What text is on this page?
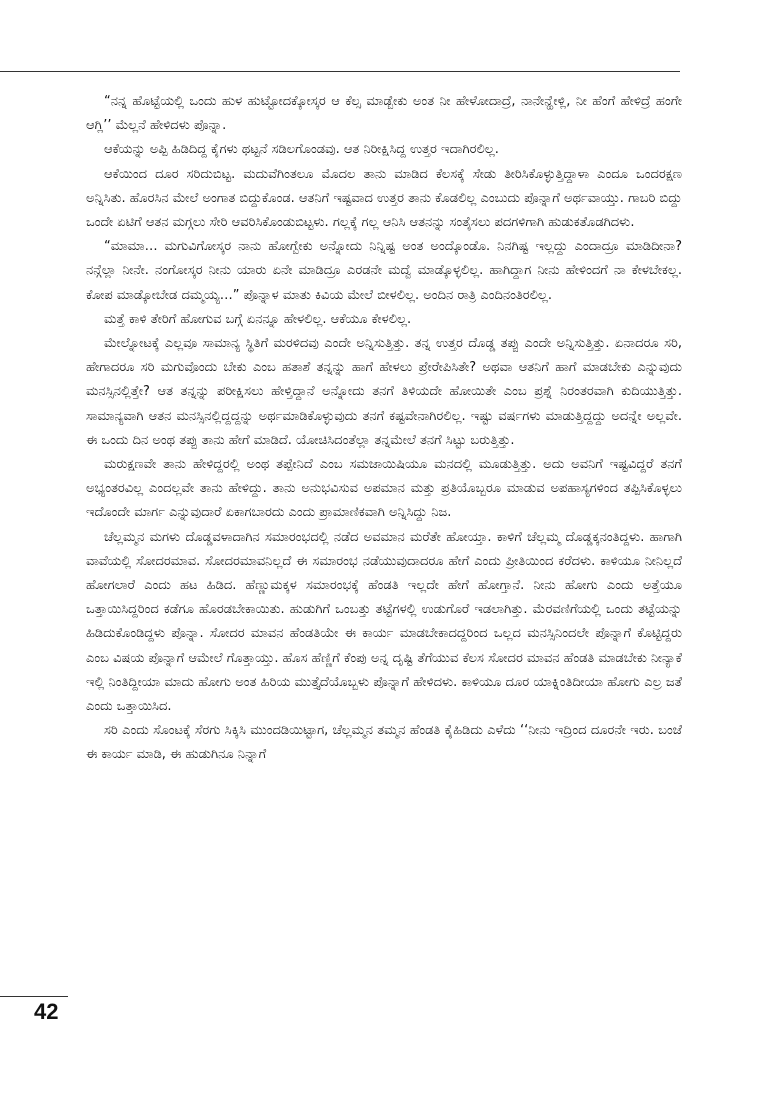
“ನನ್ನ ಹೊಟ್ಟೆಯಲ್ಲಿ ಒಂದು ಹುಳ ಹುಟ್ಟೋದಕ್ಕೋಸ್ಕರ ಆ ಕೆಲ್ಸ ಮಾಡ್ಬೇಕು ಅಂತ ನೀ ಹೇಳೋದಾದ್ರೆ, ನಾನೇನ್ಹೇಳ್ಲಿ, ನೀ ಹೆಂಗೆ ಹೇಳಿದ್ರೆ ಹಂಗೇ ಆಗ್ಲಿ’’ ಮೆಲ್ಲನೆ ಹೇಳಿದಳು ಪೊನ್ನಾ.

ಆಕೆಯನ್ನು ಅಪ್ಪಿ ಹಿಡಿದಿದ್ದ ಕೈಗಳು ಥಟ್ಟನೆ ಸಡಿಲಗೊಂಡವು. ಆತ ನಿರೀಕ್ಷಿಸಿದ್ದ ಉತ್ತರ ಇದಾಗಿರಲಿಲ್ಲ.

ಆಕೆಯಿಂದ ದೂರ ಸರಿದುಬಿಟ್ಟ. ಮದುವೆಗಿಂತಲೂ ಮೊದಲ ತಾನು ಮಾಡಿದ ಕೆಲಸಕ್ಕೆ ಸೇಡು ತೀರಿಸಿಕೊಳ್ಳುತ್ತಿದ್ದಾಳಾ ಎಂದೂ ಒಂದರಕ್ಷಣ ಅನ್ನಿಸಿತು. ಹೊರಸಿನ ಮೇಲೆ ಅಂಗಾತ ಬಿದ್ದುಕೊಂಡ. ಆತನಿಗೆ ಇಷ್ಟವಾದ ಉತ್ತರ ತಾನು ಕೊಡಲಿಲ್ಲ ಎಂಬುದು ಪೊನ್ನಾಗೆ ಅರ್ಥವಾಯ್ತು. ಗಾಬರಿ ಬಿದ್ದು ಒಂದೇ ಏಟಿಗೆ ಆತನ ಮಗ್ಗಲು ಸೇರಿ ಆವರಿಸಿಕೊಂಡುಬಿಟ್ಟಳು. ಗಲ್ಲಕ್ಕೆ ಗಲ್ಲ ಆನಿಸಿ ಆತನನ್ನು ಸಂತೈಸಲು ಪದಗಳಿಗಾಗಿ ಹುಡುಕತೊಡಗಿದಳು.

“ಮಾಮಾ… ಮಗುವಿಗೋಸ್ಕರ ನಾನು ಹೋಗ್ಬೇಕು ಅನ್ನೋದು ನಿನ್ನಿಷ್ಟ ಅಂತ ಅಂದ್ಕೊಂಡೊ. ನಿನಗಿಷ್ಟ ಇಲ್ಲದ್ದು ಎಂದಾದ್ರೂ ಮಾಡಿದೀನಾ? ನನ್ಗೆಲ್ಲಾ ನೀನೇ. ನಂಗೋಸ್ಕರ ನೀನು ಯಾರು ಏನೇ ಮಾಡಿದ್ರೂ ಎರಡನೇ ಮದ್ವೆ ಮಾಡ್ಕೊಳ್ಳಲಿಲ್ಲ. ಹಾಗಿದ್ದಾಗ ನೀನು ಹೇಳಿಂದಗೆ ನಾ ಕೇಳಬೇಕಲ್ಲ. ಕೋಪ ಮಾಡ್ಕೋಬೇಡ ದಮ್ಮಯ್ಯ…” ಪೊನ್ನಾಳ ಮಾತು ಕಿವಿಯ ಮೇಲೆ ಬೀಳಲಿಲ್ಲ. ಅಂದಿನ ರಾತ್ರಿ ಎಂದಿನಂತಿರಲಿಲ್ಲ.

ಮತ್ತೆ ಕಾಳಿ ತೇರಿಗೆ ಹೋಗುವ ಬಗ್ಗೆ ಏನನ್ನೂ ಹೇಳಲಿಲ್ಲ. ಆಕೆಯೂ ಕೇಳಲಿಲ್ಲ.

ಮೇಲ್ನೋಟಕ್ಕೆ ಎಲ್ಲವೂ ಸಾಮಾನ್ಯ ಸ್ಥಿತಿಗೆ ಮರಳಿದವು ಎಂದೇ ಅನ್ನಿಸುತ್ತಿತ್ತು. ತನ್ನ ಉತ್ತರ ದೊಡ್ಡ ತಪ್ಪು ಎಂದೇ ಅನ್ನಿಸುತ್ತಿತ್ತು. ಏನಾದರೂ ಸರಿ, ಹೇಗಾದರೂ ಸರಿ ಮಗುವೊಂದು ಬೇಕು ಎಂಬ ಹತಾಶೆ ತನ್ನನ್ನು ಹಾಗೆ ಹೇಳಲು ಪ್ರೇರೇಪಿಸಿತೇ? ಅಥವಾ ಆತನಿಗೆ ಹಾಗೆ ಮಾಡಬೇಕು ಎನ್ನುವುದು ಮನಸ್ಸಿನಲ್ಲಿತ್ತೇ? ಆತ ತನ್ನನ್ನು ಪರೀಕ್ಷಿಸಲು ಹೇಳ್ತಿದ್ದಾನೆ ಅನ್ನೋದು ತನಗೆ ತಿಳಿಯದೇ ಹೋಯಿತೇ ಎಂಬ ಪ್ರಶ್ನೆ ನಿರಂತರವಾಗಿ ಕುದಿಯುತ್ತಿತ್ತು. ಸಾಮಾನ್ಯವಾಗಿ ಆತನ ಮನಸ್ಸಿನಲ್ಲಿದ್ದದ್ದನ್ನು ಅರ್ಥಮಾಡಿಕೊಳ್ಳುವುದು ತನಗೆ ಕಷ್ಟವೇನಾಗಿರಲಿಲ್ಲ. ಇಷ್ಟು ವರ್ಷಗಳು ಮಾಡುತ್ತಿದ್ದದ್ದು ಅದನ್ನೇ ಅಲ್ಲವೇ. ಈ ಒಂದು ದಿನ ಅಂಥ ತಪ್ಪು ತಾನು ಹೇಗೆ ಮಾಡಿದೆ. ಯೋಚಿಸಿದಂತೆಲ್ಲಾ ತನ್ನಮೇಲೆ ತನಗೆ ಸಿಟ್ಟು ಬರುತ್ತಿತ್ತು.

ಮರುಕ್ಷಣವೇ ತಾನು ಹೇಳಿದ್ದರಲ್ಲಿ ಅಂಥ ತಪ್ಪೇನಿದೆ ಎಂಬ ಸಮಜಾಯಿಷಿಯೂ ಮನದಲ್ಲಿ ಮೂಡುತ್ತಿತ್ತು. ಅದು ಅವನಿಗೆ ಇಷ್ಟವಿದ್ದರೆ ತನಗೆ ಅಭ್ಯಂತರವಿಲ್ಲ ಎಂದಲ್ಲವೇ ತಾನು ಹೇಳಿದ್ದು. ತಾನು ಅನುಭವಿಸುವ ಅಪಮಾನ ಮತ್ತು ಪ್ರತಿಯೊಬ್ಬರೂ ಮಾಡುವ ಅಪಹಾಸ್ಯಗಳಿಂದ ತಪ್ಪಿಸಿಕೊಳ್ಳಲು ಇದೊಂದೇ ಮಾರ್ಗ ಎನ್ನುವುದಾರೆ ಏಕಾಗಬಾರದು ಎಂದು ಪ್ರಾಮಾಣಿಕವಾಗಿ ಅನ್ನಿಸಿದ್ದು ನಿಜ.

ಚೆಲ್ಲಮ್ಮನ ಮಗಳು ದೊಡ್ಡವಳಾದಾಗಿನ ಸಮಾರಂಭದಲ್ಲಿ ನಡೆದ ಅವಮಾನ ಮರೆತೇ ಹೋಯ್ತಾ. ಕಾಳಿಗೆ ಚೆಲ್ಲಮ್ಮ ದೊಡ್ಡಕ್ಕನಂತಿದ್ದಳು. ಹಾಗಾಗಿ ವಾವೆಯಲ್ಲಿ ಸೋದರಮಾವ. ಸೋದರಮಾವನಿಲ್ಲದೆ ಈ ಸಮಾರಂಭ ನಡೆಯುವುದಾದರೂ ಹೇಗೆ ಎಂದು ಪ್ರೀತಿಯಿಂದ ಕರೆದಳು. ಕಾಳಿಯೂ ನೀನಿಲ್ಲದೆ ಹೋಗಲಾರೆ ಎಂದು ಹಟ ಹಿಡಿದ. ಹೆಣ್ಣುಮಕ್ಕಳ ಸಮಾರಂಭಕ್ಕೆ ಹೆಂಡತಿ ಇಲ್ಲದೇ ಹೇಗೆ ಹೋಗ್ತಾನೆ. ನೀನು ಹೋಗು ಎಂದು ಅತ್ತೆಯೂ ಒತ್ತಾಯಿಸಿದ್ದರಿಂದ ಕಡೆಗೂ ಹೊರಡಬೇಕಾಯಿತು. ಹುಡುಗಿಗೆ ಒಂಬತ್ತು ತಟ್ಟೆಗಳಲ್ಲಿ ಉಡುಗೊರೆ ಇಡಲಾಗಿತ್ತು. ಮೆರವಣಿಗೆಯಲ್ಲಿ ಒಂದು ತಟ್ಟೆಯನ್ನು ಹಿಡಿದುಕೊಂಡಿದ್ದಳು ಪೊನ್ನಾ. ಸೋದರ ಮಾವನ ಹೆಂಡತಿಯೇ ಈ ಕಾರ್ಯ ಮಾಡಬೇಕಾದದ್ದರಿಂದ ಒಲ್ಲದ ಮನಸ್ಸಿನಿಂದಲೇ ಪೊನ್ನಾಗೆ ಕೊಟ್ಟಿದ್ದರು ಎಂಬ ವಿಷಯ ಪೊನ್ನಾಗೆ ಆಮೇಲೆ ಗೊತ್ತಾಯ್ತು. ಹೊಸ ಹೆಣ್ಣಿಗೆ ಕೆಂಪು ಅನ್ನ ದೃಷ್ಟಿ ತೆಗೆಯುವ ಕೆಲಸ ಸೋದರ ಮಾವನ ಹೆಂಡತಿ ಮಾಡಬೇಕು ನೀನ್ಯಾಕೆ ಇಲ್ಲಿ ನಿಂತಿದ್ದೀಯಾ ಮಾದು ಹೋಗು ಅಂತ ಹಿರಿಯ ಮುತ್ತೈದೆಯೊಬ್ಬಳು ಪೊನ್ನಾಗೆ ಹೇಳಿದಳು. ಕಾಳಿಯೂ ದೂರ ಯಾಕ್ನಿಂತಿದೀಯಾ ಹೋಗು ಎಲ್ರ ಜತೆ ಎಂದು ಒತ್ತಾಯಿಸಿದ.

ಸರಿ ಎಂದು ಸೊಂಟಕ್ಕೆ ಸೆರಗು ಸಿಕ್ಕಿಸಿ ಮುಂದಡಿಯಿಟ್ಟಾಗ, ಚೆಲ್ಲಮ್ಮನ ತಮ್ಮನ ಹೆಂಡತಿ ಕೈಹಿಡಿದು ಎಳೆದು ‘‘ನೀನು ಇದ್ರಿಂದ ದೂರನೇ ಇರು. ಬಂಜೆ ಈ ಕಾರ್ಯ ಮಾಡಿ, ಈ ಹುಡುಗಿನೂ ನಿನ್ನಾಗೆ

42
